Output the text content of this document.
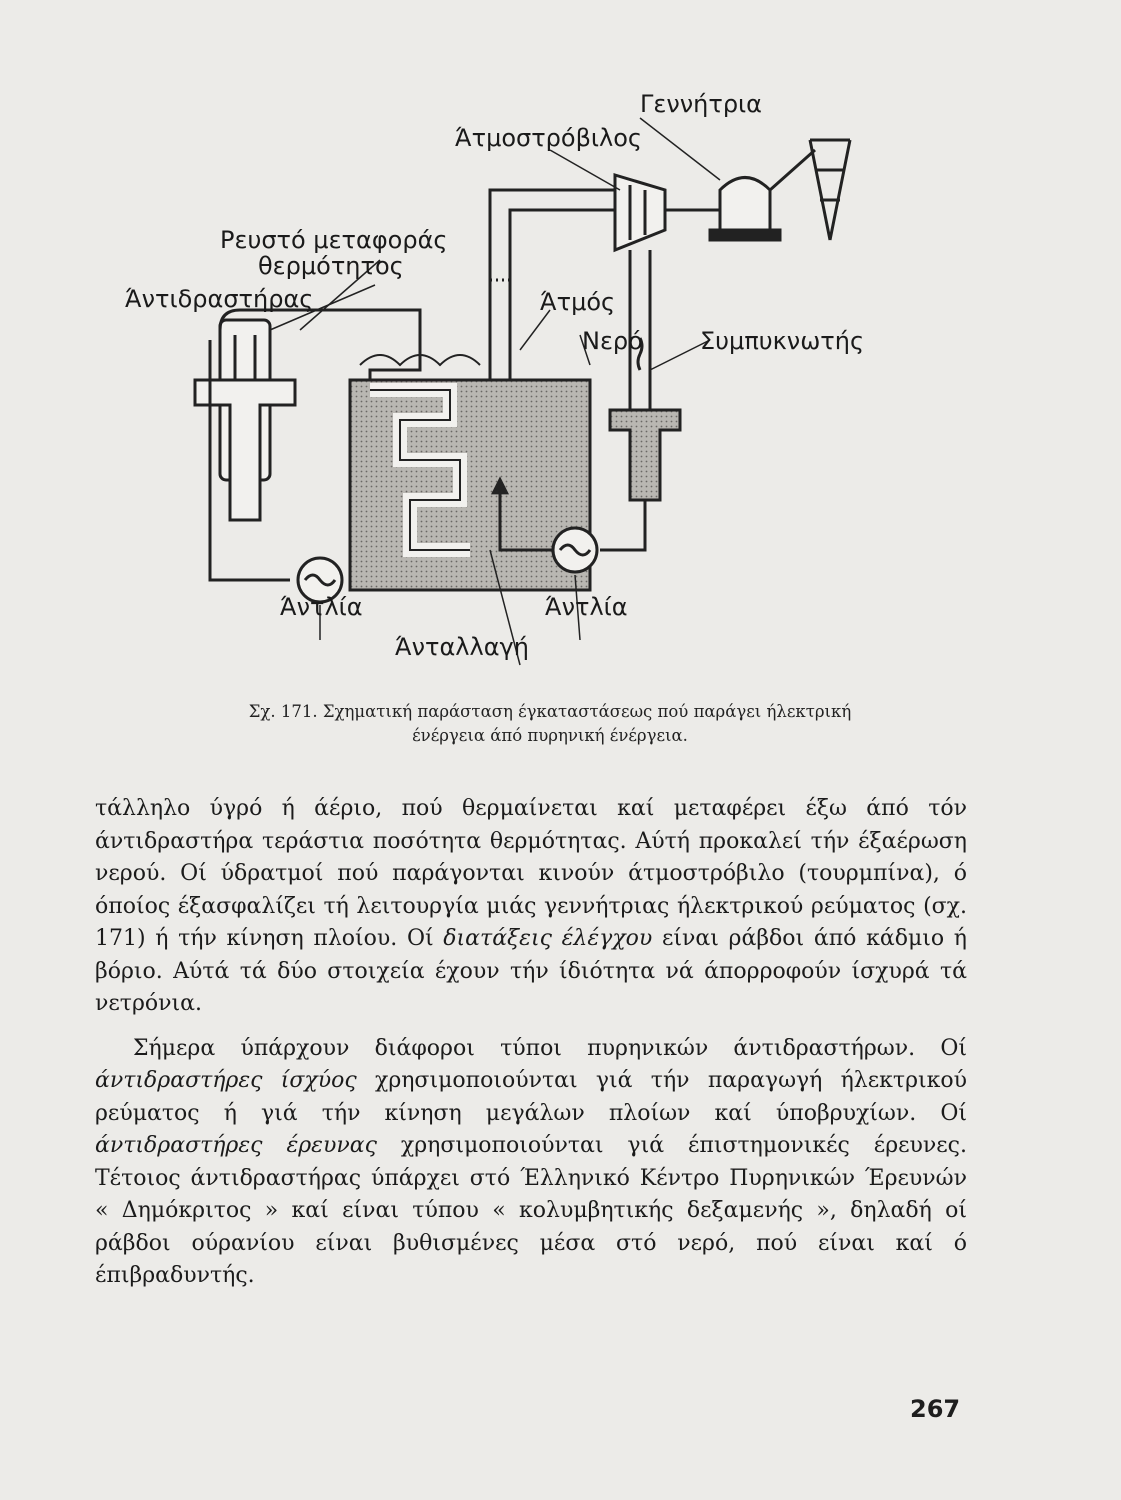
Γεννήτρια
Άτμοστρόβιλος
Ρευστό μεταφοράς
θερμότητος
Άντιδραστήρας	Άτμός
Νερό Συμπυκνωτής
Άντλία	Άντλία
Άνταλλαγή
Σχ. 171. Σχηματική παράσταση έγκαταστάσεως πού παράγει ήλεκτρική
ένέργεια άπό πυρηνική ένέργεια.

τάλληλο ύγρό ή άέριο, πού θερμαίνεται καί μεταφέρει έξω άπό τόν άντιδραστήρα τεράστια ποσότητα θερμότητας. Αύτή προκαλεί τήν έξαέρωση νερού. Οί ύδρατμοί πού παράγονται κινούν άτμοστρόβιλο (τουρμπίνα), ό όποίος έξασφαλίζει τή λειτουργία μιάς γεννήτριας ήλεκτρικού ρεύματος (σχ. 171) ή τήν κίνηση πλοίου. Οί διατάξεις έλέγχου είναι ράβδοι άπό κάδμιο ή βόριο. Αύτά τά δύο στοιχεία έχουν τήν ίδιότητα νά άπορροφούν ίσχυρά τά νετρόνια.

Σήμερα ύπάρχουν διάφοροι τύποι πυρηνικών άντιδραστήρων. Οί άντιδραστήρες ίσχύος χρησιμοποιούνται γιά τήν παραγωγή ήλεκτρικού ρεύματος ή γιά τήν κίνηση μεγάλων πλοίων καί ύποβρυχίων. Οί άντιδραστήρες έρευνας χρησιμοποιούνται γιά έπιστημονικές έρευνες. Τέτοιος άντιδραστήρας ύπάρχει στό Έλληνικό Κέντρο Πυρηνικών Έρευνών « Δημόκριτος » καί είναι τύπου « κολυμβητικής δεξαμενής », δηλαδή οί ράβδοι ούρανίου είναι βυθισμένες μέσα στό νερό, πού είναι καί ό έπιβραδυντής.

267
